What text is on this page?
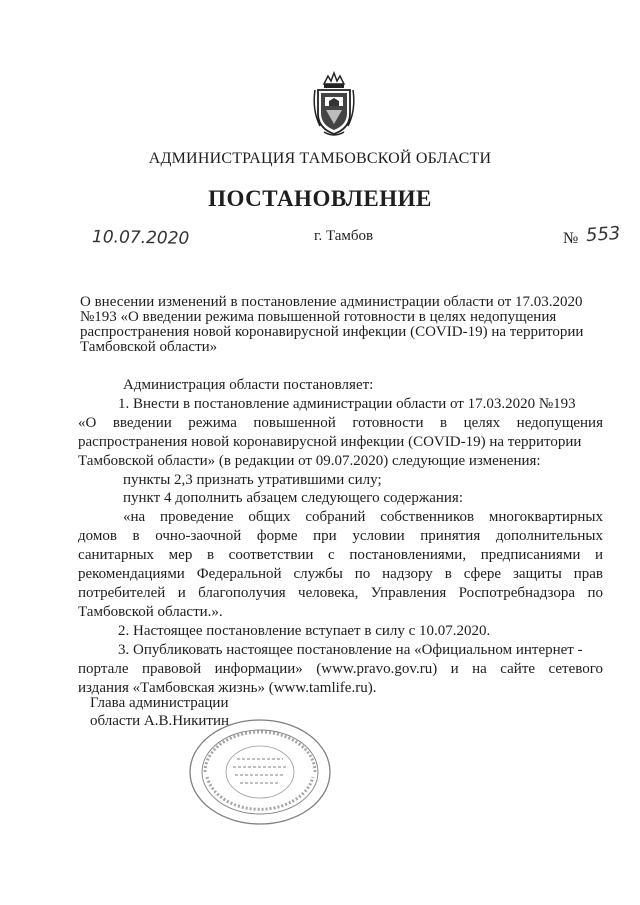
АДМИНИСТРАЦИЯ ТАМБОВСКОЙ ОБЛАСТИ
ПОСТАНОВЛЕНИЕ
10.07.2020	г. Тамбов	№ 553
О внесении изменений в постановление администрации области от 17.03.2020
№193 «О введении режима повышенной готовности в целях недопущения
распространения новой коронавирусной инфекции (COVID-19) на территории
Тамбовской области»
Администрация области постановляет:
1. Внести в постановление администрации области от 17.03.2020 №193
«О введении режима повышенной готовности в целях недопущения
распространения новой коронавирусной инфекции (COVID-19) на территории
Тамбовской области» (в редакции от 09.07.2020) следующие изменения:
пункты 2,3 признать утратившими силу;
пункт 4 дополнить абзацем следующего содержания:
«на проведение общих собраний собственников многоквартирных
домов в очно-заочной форме при условии принятия дополнительных
санитарных мер в соответствии с постановлениями, предписаниями и
рекомендациями Федеральной службы по надзору в сфере защиты прав
потребителей и благополучия человека, Управления Роспотребнадзора по
Тамбовской области.».
2. Настоящее постановление вступает в силу с 10.07.2020.
3. Опубликовать настоящее постановление на «Официальном интернет -
портале правовой информации» (www.pravo.gov.ru) и на сайте сетевого
издания «Тамбовская жизнь» (www.tamlife.ru).
Глава администрации
области А.В.Никитин
